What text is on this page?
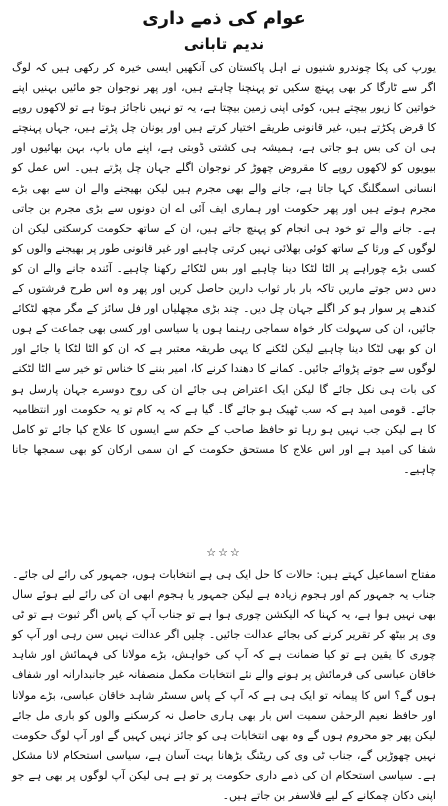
عوام کی ذمے داری
ندیم تابانی

یورپ کی پکا چوندرو شنیوں نے اہل پاکستان کی آنکھیں ایسی خیرہ کر رکھی ہیں کہ لوگ اگر سے ٹارگا کر بھی پہنچ سکیں تو پہنچنا چاہتے ہیں، اور پھر نوجوان جو مائیں بہنیں اپنے خواتین کا زیور بیچتے ہیں، کوئی اپنی زمین بیچتا ہے، یہ تو نہیں ناجائز ہوتا ہے تو لاکھوں روپے کا قرض پکڑتے ہیں، غیر قانونی طریقے اختیار کرتے ہیں اور یونان چل پڑتے ہیں، جہاں پہنچتے ہی ان کی بس ہو جاتی ہے، ہمیشہ ہی کشتی ڈوبتی ہے، اپنے ماں باپ، بہن بھائیوں اور بیویوں کو لاکھوں روپے کا مقروض چھوڑ کر نوجوان اگلے جہان چل پڑتے ہیں۔ اس عمل کو انسانی اسمگلنگ کہا جاتا ہے، جانے والے بھی مجرم ہیں لیکن بھیجنے والے ان سے بھی بڑے مجرم ہوتے ہیں اور پھر حکومت اور ہماری ایف آئی اے ان دونوں سے بڑی مجرم بن جاتی ہے۔ جانے والے تو خود ہی انجام کو پہنچ جاتے ہیں، ان کے ساتھ حکومت کرسکتی لیکن ان لوگوں کے ورثا کے ساتھ کوئی بھلائی نہیں کرتی چاہیے اور غیر قانونی طور پر بھیجنے والوں کو کسی بڑے چوراہے پر الٹا لٹکا دینا چاہیے اور بس لٹکائے رکھنا چاہیے۔ آئندہ جانے والے ان کو دس دس جوتے ماریں تاکہ بار بار ثواب دارین حاصل کریں اور پھر وہ اس طرح فرشتوں کے کندھے پر سوار ہو کر اگلے جہان چل دیں۔ چند بڑی مچھلیاں اور فل سائز کے مگر مچھ لٹکائے جائیں، ان کی سہولت کار خواہ سماجی رہنما ہوں یا سیاسی اور کسی بھی جماعت کے ہوں ان کو بھی لٹکا دینا چاہیے لیکن لٹکنے کا یہی طریقہ معتبر ہے کہ ان کو الٹا لٹکا یا جائے اور لوگوں سے جوتے پڑوائے جائیں۔ کمانے کا دھندا کرنے کا، امیر بننے کا خناس تو خیر سے الٹا لٹکنے کی بات ہی نکل جائے گا لیکن ایک اعتراض ہی جائے ان کی روح دوسرے جہان پارسل ہو جائے۔ قومی امید ہے کہ سب ٹھیک ہو جائے گا۔ گیا ہے کہ یہ کام تو یہ حکومت اور انتظامیہ کا ہے لیکن جب نہیں ہو رہا تو حافظ صاحب کے حکم سے ایسوں کا علاج کیا جائے تو کامل شفا کی امید ہے اور اس علاج کا مستحق حکومت کے ان سمی ارکان کو بھی سمجھا جانا چاہیے۔

☆☆☆

مفتاح اسماعیل کہتے ہیں: حالات کا حل ایک ہی ہے انتخابات ہوں، جمہور کی رائے لی جائے۔ جناب یہ جمہور کم اور ہجوم زیادہ ہے لیکن جمہور یا ہجوم ابھی ان کی رائے لیے ہوئے سال بھی نہیں ہوا ہے، یہ کہنا کہ الیکشن چوری ہوا ہے تو جناب آپ کے پاس اگر ثبوت ہے تو ٹی وی پر بیٹھ کر تقریر کرنے کی بجائے عدالت جائیں۔ چلیں اگر عدالت نہیں سن رہی اور آپ کو چوری کا یقین ہے تو کیا ضمانت ہے کہ آپ کی خواہش، بڑے مولانا کی فہمائش اور شاہد خاقان عباسی کی فرمائش پر ہونے والے نئے انتخابات مکمل منصفانہ غیر جانبدارانہ اور شفاف ہوں گے؟ اس کا پیمانہ تو ایک ہی ہے کہ آپ کے پاس سسٹر شاہد خاقان عباسی، بڑے مولانا اور حافظ نعیم الرحمٰن سمیت اس بار بھی ہاری حاصل نہ کرسکنے والوں کو باری مل جائے لیکن پھر جو محروم ہوں گے وہ بھی انتخابات ہی کو جائز نہیں کہیں گے اور آپ لوگ حکومت نہیں چھوڑیں گے، جناب ٹی وی کی ریٹنگ بڑھانا بہت آسان ہے، سیاسی استحکام لانا مشکل ہے۔ سیاسی استحکام ان کی ذمے داری حکومت پر تو ہے ہی لیکن آپ لوگوں پر بھی ہے جو اپنی دکان چمکانے کے لیے فلاسفر بن جاتے ہیں۔
